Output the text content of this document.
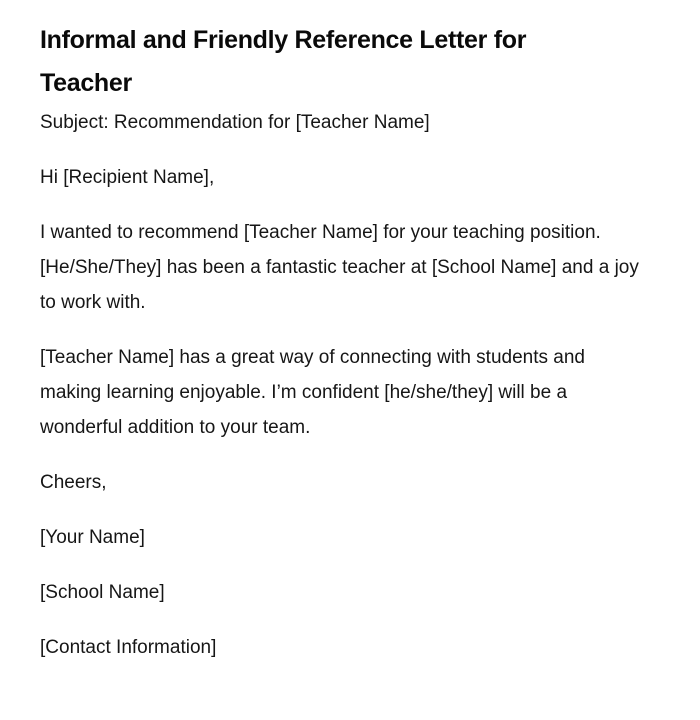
Informal and Friendly Reference Letter for Teacher

Subject: Recommendation for [Teacher Name]

Hi [Recipient Name],

I wanted to recommend [Teacher Name] for your teaching position. [He/She/They] has been a fantastic teacher at [School Name] and a joy to work with.

[Teacher Name] has a great way of connecting with students and making learning enjoyable. I’m confident [he/she/they] will be a wonderful addition to your team.

Cheers,

[Your Name]

[School Name]

[Contact Information]
